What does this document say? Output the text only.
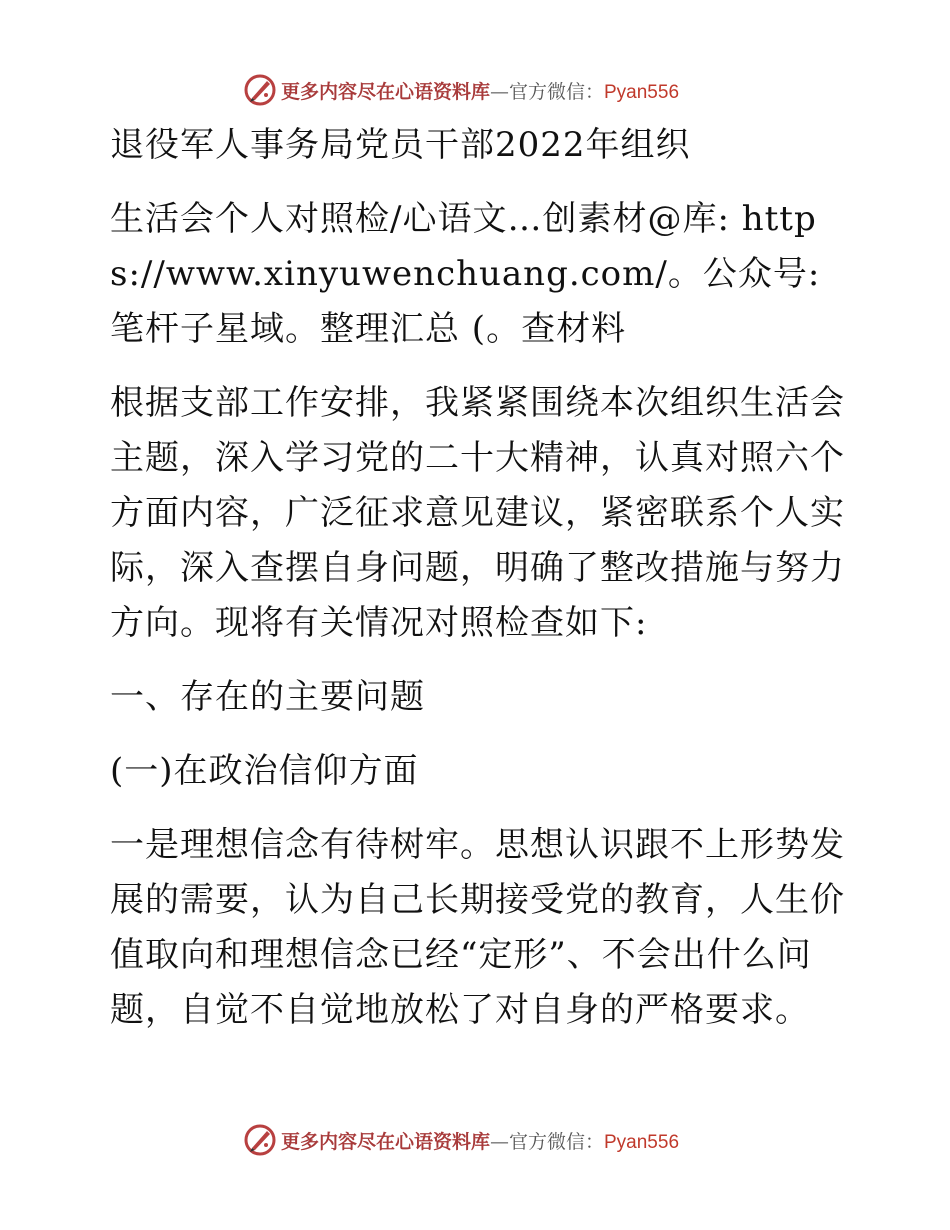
更多内容尽在心语资料库—官方微信：Pyan556

退役军人事务局党员干部2022年组织

生活会个人对照检/心语文…创素材@库: https://www.xinyuwenchuang.com/。公众号: 笔杆子星域。整理汇总 (。查材料

根据支部工作安排，我紧紧围绕本次组织生活会主题，深入学习党的二十大精神，认真对照六个方面内容，广泛征求意见建议，紧密联系个人实际，深入查摆自身问题，明确了整改措施与努力方向。现将有关情况对照检查如下:

一、存在的主要问题

(一)在政治信仰方面

一是理想信念有待树牢。思想认识跟不上形势发展的需要，认为自己长期接受党的教育，人生价值取向和理想信念已经“定形”、不会出什么问题，自觉不自觉地放松了对自身的严格要求。

更多内容尽在心语资料库—官方微信：Pyan556
